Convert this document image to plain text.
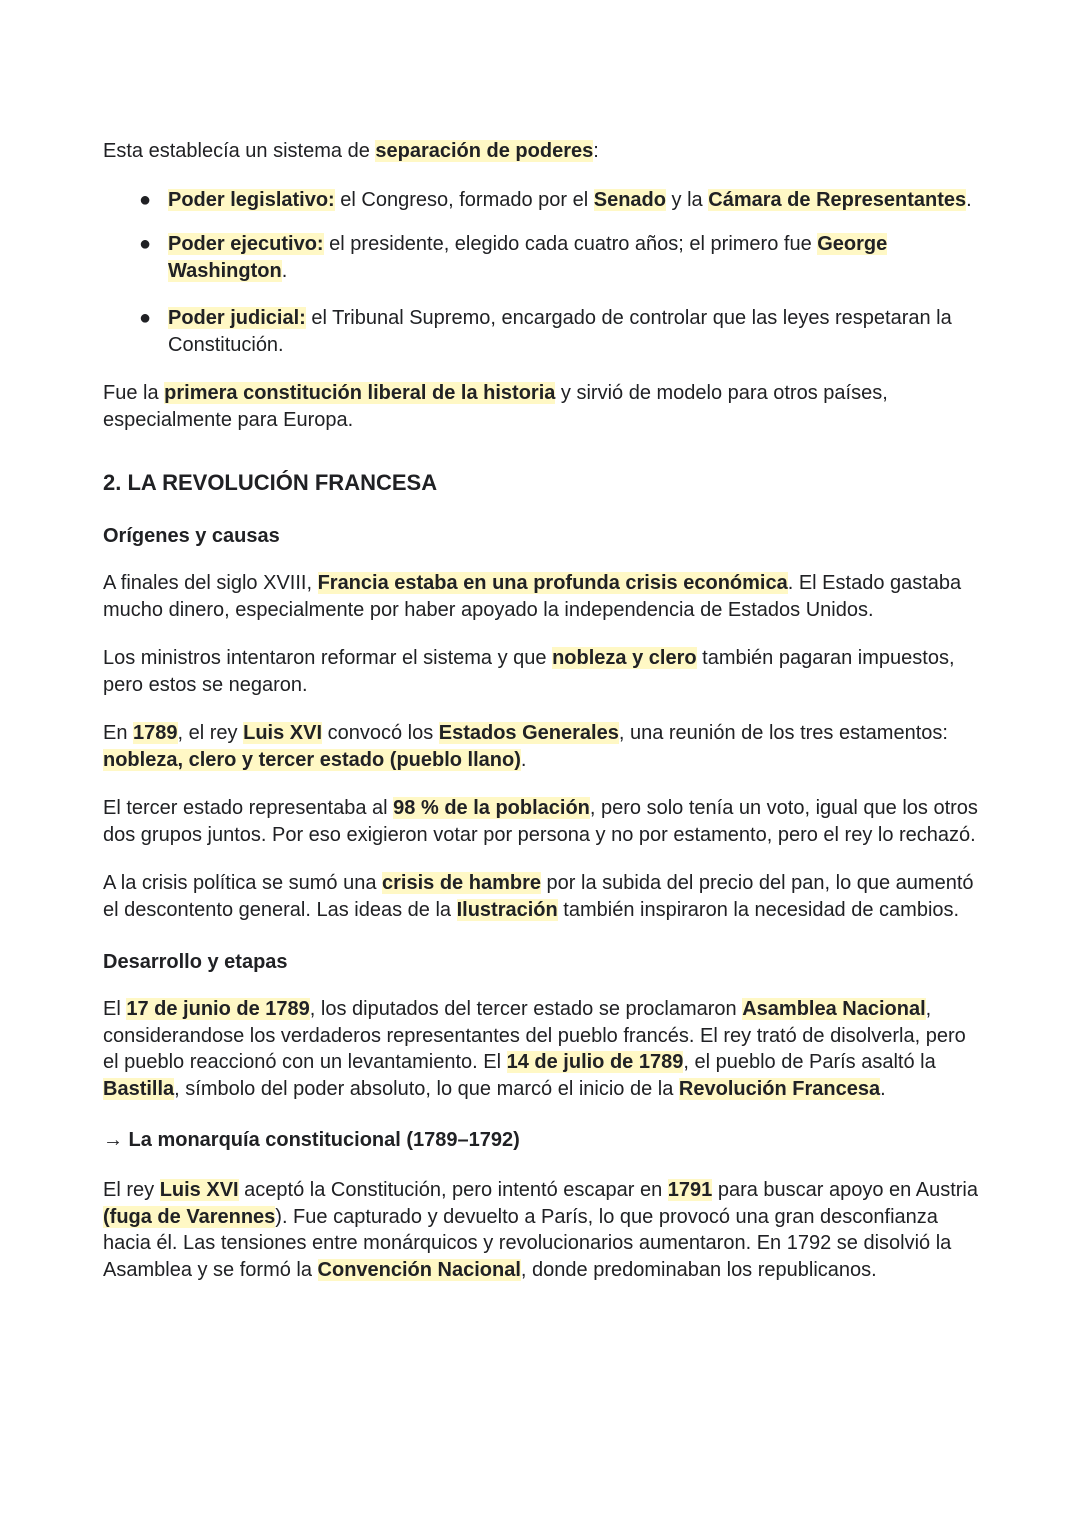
Esta establecía un sistema de separación de poderes:

● Poder legislativo: el Congreso, formado por el Senado y la Cámara de Representantes.
● Poder ejecutivo: el presidente, elegido cada cuatro años; el primero fue George Washington.
● Poder judicial: el Tribunal Supremo, encargado de controlar que las leyes respetaran la Constitución.

Fue la primera constitución liberal de la historia y sirvió de modelo para otros países, especialmente para Europa.

2. LA REVOLUCIÓN FRANCESA
Orígenes y causas

A finales del siglo XVIII, Francia estaba en una profunda crisis económica. El Estado gastaba mucho dinero, especialmente por haber apoyado la independencia de Estados Unidos.

Los ministros intentaron reformar el sistema y que nobleza y clero también pagaran impuestos, pero estos se negaron.

En 1789, el rey Luis XVI convocó los Estados Generales, una reunión de los tres estamentos: nobleza, clero y tercer estado (pueblo llano).

El tercer estado representaba al 98 % de la población, pero solo tenía un voto, igual que los otros dos grupos juntos. Por eso exigieron votar por persona y no por estamento, pero el rey lo rechazó.

A la crisis política se sumó una crisis de hambre por la subida del precio del pan, lo que aumentó el descontento general. Las ideas de la Ilustración también inspiraron la necesidad de cambios.

Desarrollo y etapas

El 17 de junio de 1789, los diputados del tercer estado se proclamaron Asamblea Nacional, considerandose los verdaderos representantes del pueblo francés. El rey trató de disolverla, pero el pueblo reaccionó con un levantamiento. El 14 de julio de 1789, el pueblo de París asaltó la Bastilla, símbolo del poder absoluto, lo que marcó el inicio de la Revolución Francesa.

→ La monarquía constitucional (1789–1792)

El rey Luis XVI aceptó la Constitución, pero intentó escapar en 1791 para buscar apoyo en Austria (fuga de Varennes). Fue capturado y devuelto a París, lo que provocó una gran desconfianza hacia él. Las tensiones entre monárquicos y revolucionarios aumentaron. En 1792 se disolvió la Asamblea y se formó la Convención Nacional, donde predominaban los republicanos.
